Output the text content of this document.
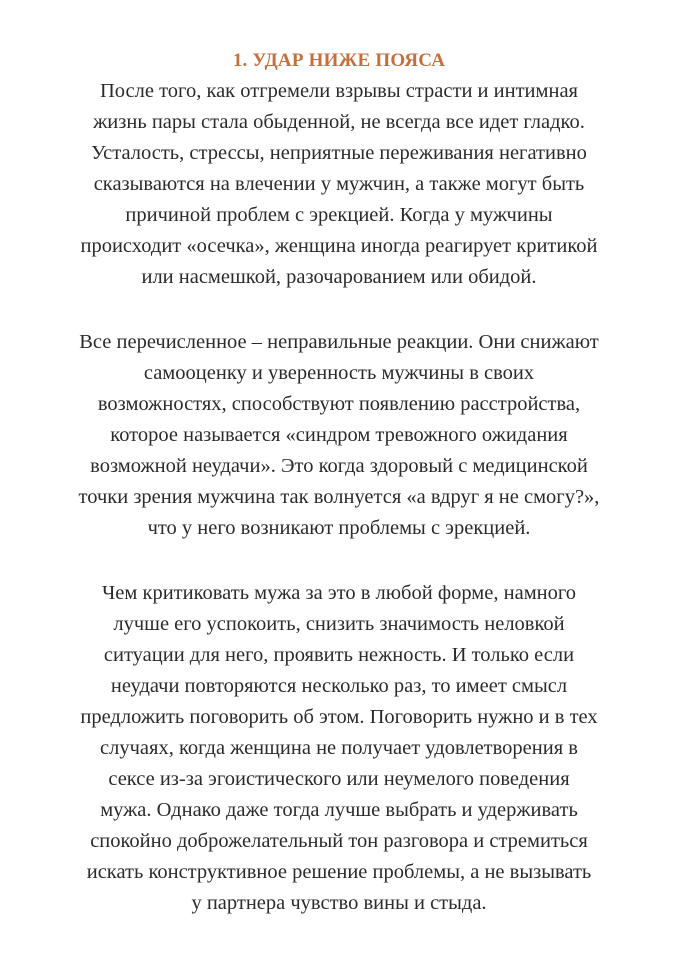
1. УДАР НИЖЕ ПОЯСА
После того, как отгремели взрывы страсти и интимная
жизнь пары стала обыденной, не всегда все идет гладко.
Усталость, стрессы, неприятные переживания негативно
сказываются на влечении у мужчин, а также могут быть
причиной проблем с эрекцией. Когда у мужчины
происходит «осечка», женщина иногда реагирует критикой
или насмешкой, разочарованием или обидой.
Все перечисленное – неправильные реакции. Они снижают
самооценку и уверенность мужчины в своих
возможностях, способствуют появлению расстройства,
которое называется «синдром тревожного ожидания
возможной неудачи». Это когда здоровый с медицинской
точки зрения мужчина так волнуется «а вдруг я не смогу?»,
что у него возникают проблемы с эрекцией.
Чем критиковать мужа за это в любой форме, намного
лучше его успокоить, снизить значимость неловкой
ситуации для него, проявить нежность. И только если
неудачи повторяются несколько раз, то имеет смысл
предложить поговорить об этом. Поговорить нужно и в тех
случаях, когда женщина не получает удовлетворения в
сексе из-за эгоистического или неумелого поведения
мужа. Однако даже тогда лучше выбрать и удерживать
спокойно доброжелательный тон разговора и стремиться
искать конструктивное решение проблемы, а не вызывать
у партнера чувство вины и стыда.
